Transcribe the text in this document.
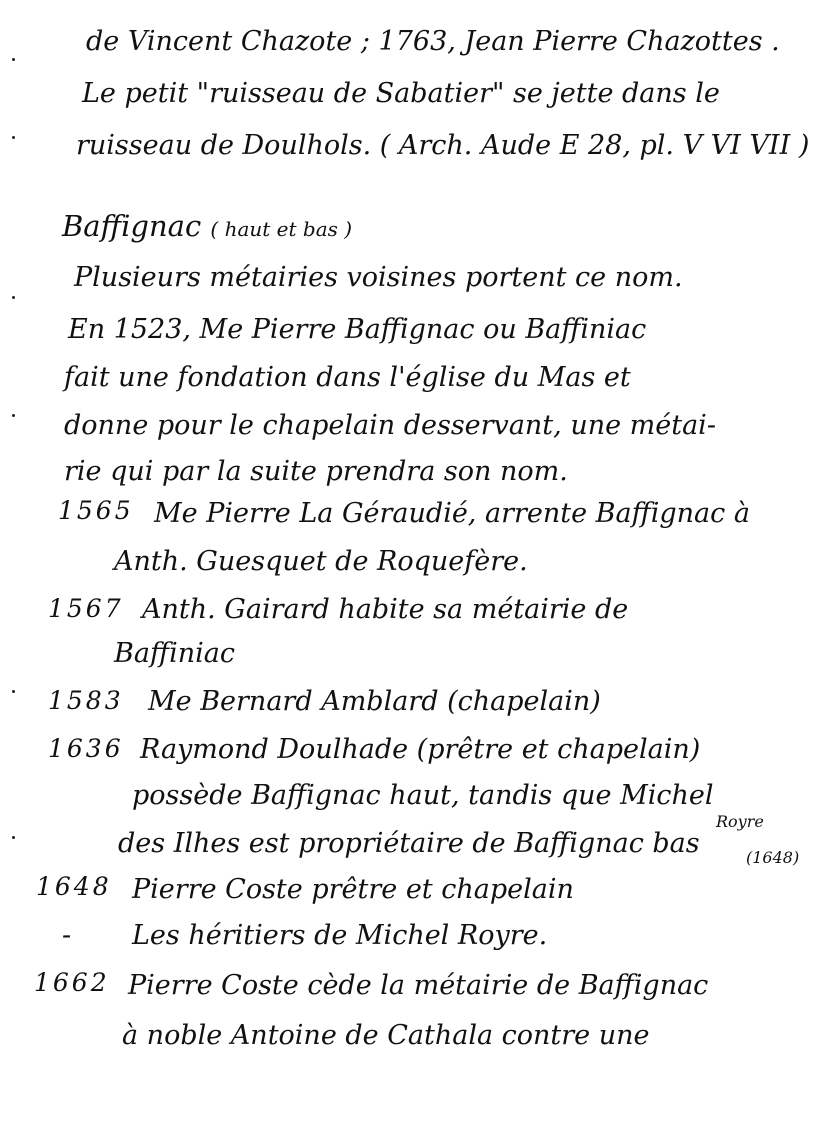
de Vincent Chazote ; 1763, Jean Pierre Chazottes .
Le petit "ruisseau de Sabatier" se jette dans le
ruisseau de Doulhols. ( Arch. Aude E 28, pl. V VI VII )
Baffignac ( haut et bas )
Plusieurs métairies voisines portent ce nom.
En 1523, Me Pierre Baffignac ou Baffiniac
fait une fondation dans l'église du Mas et
donne pour le chapelain desservant, une métai-
rie qui par la suite prendra son nom.
1565 Me Pierre La Géraudié, arrente Baffignac à
Anth. Guesquet de Roquefère.
1567 Anth. Gairard habite sa métairie de
Baffiniac
1583 Me Bernard Amblard (chapelain)
1636 Raymond Doulhade (prêtre et chapelain)
possède Baffignac haut, tandis que Michel
des Ilhes est propriétaire de Baffignac bas
Royre
(1648)
1648 Pierre Coste prêtre et chapelain
- Les héritiers de Michel Royre.
1662 Pierre Coste cède la métairie de Baffignac
à noble Antoine de Cathala contre une
